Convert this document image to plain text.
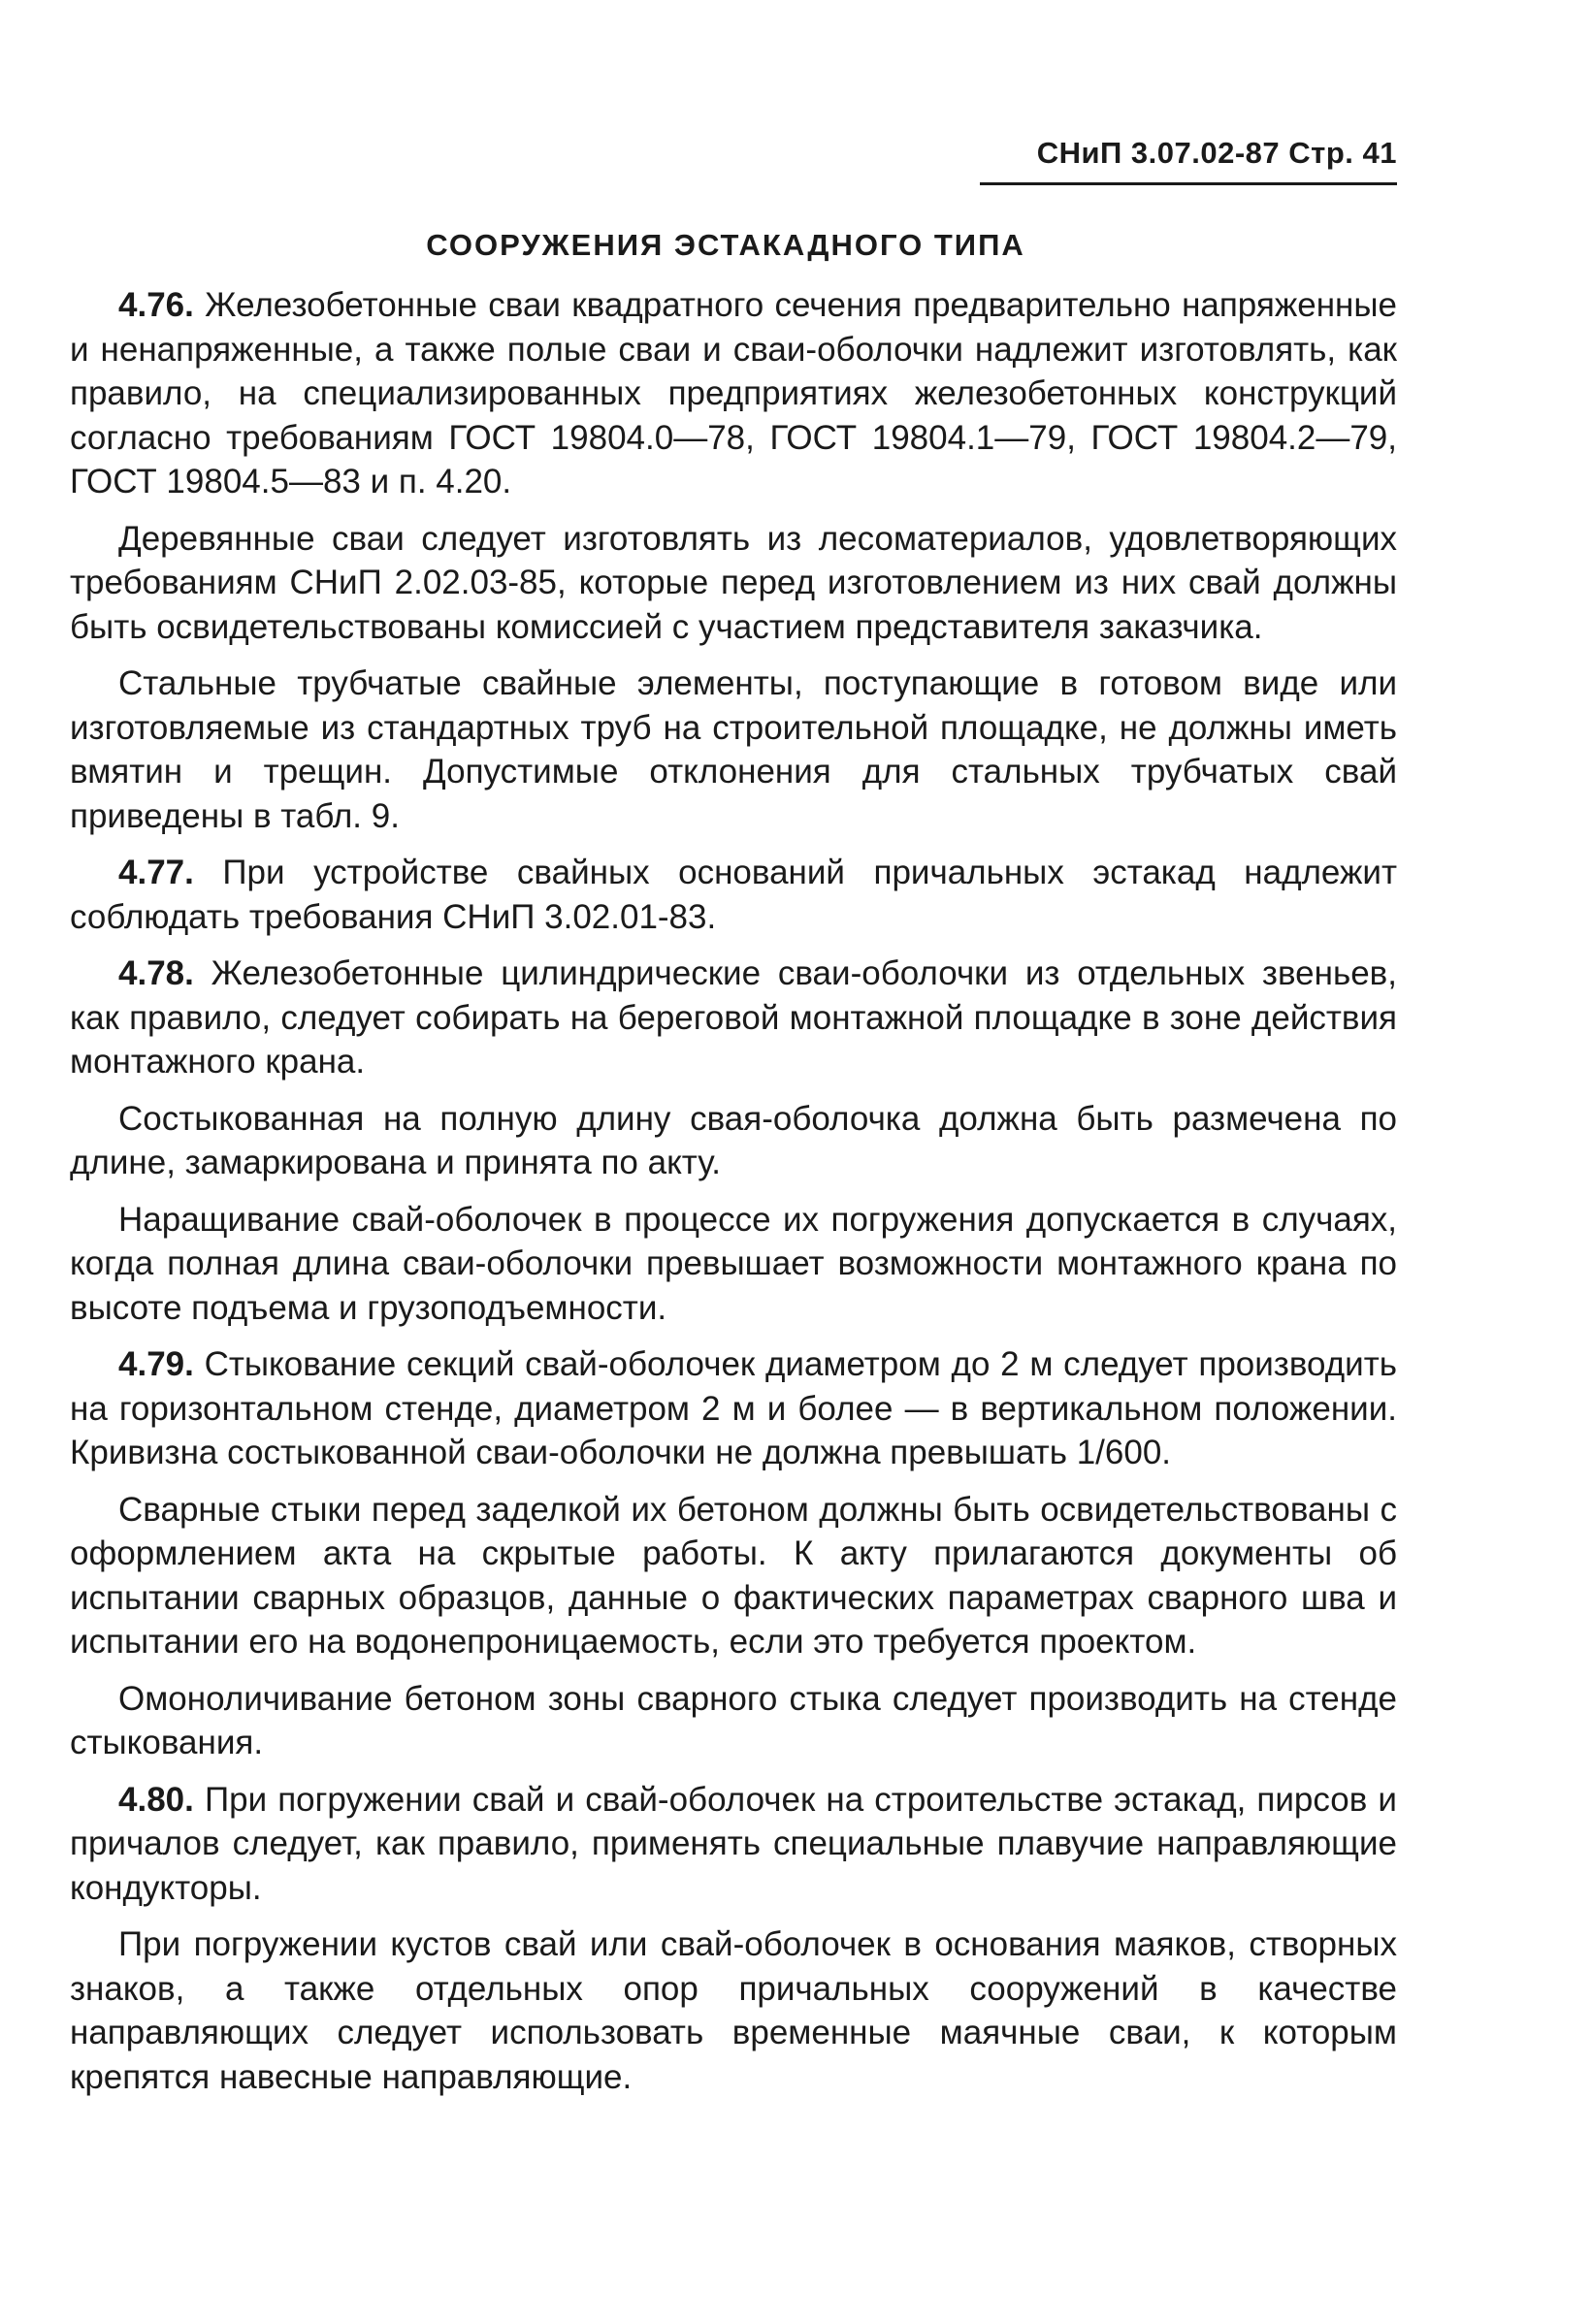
СНиП 3.07.02-87 Стр. 41
СООРУЖЕНИЯ ЭСТАКАДНОГО ТИПА

4.76. Железобетонные сваи квадратного сечения предварительно напряженные и ненапряженные, а также полые сваи и сваи-оболочки надлежит изготовлять, как правило, на специализированных предприятиях железобетонных конструкций согласно требованиям ГОСТ 19804.0—78, ГОСТ 19804.1—79, ГОСТ 19804.2—79, ГОСТ 19804.5—83 и п. 4.20.

Деревянные сваи следует изготовлять из лесоматериалов, удовлетворяющих требованиям СНиП 2.02.03-85, которые перед изготовлением из них свай должны быть освидетельствованы комиссией с участием представителя заказчика.

Стальные трубчатые свайные элементы, поступающие в готовом виде или изготовляемые из стандартных труб на строительной площадке, не должны иметь вмятин и трещин. Допустимые отклонения для стальных трубчатых свай приведены в табл. 9.

4.77. При устройстве свайных оснований причальных эстакад надлежит соблюдать требования СНиП 3.02.01-83.

4.78. Железобетонные цилиндрические сваи-оболочки из отдельных звеньев, как правило, следует собирать на береговой монтажной площадке в зоне действия монтажного крана.

Состыкованная на полную длину свая-оболочка должна быть размечена по длине, замаркирована и принята по акту.

Наращивание свай-оболочек в процессе их погружения допускается в случаях, когда полная длина сваи-оболочки превышает возможности монтажного крана по высоте подъема и грузоподъемности.

4.79. Стыкование секций свай-оболочек диаметром до 2 м следует производить на горизонтальном стенде, диаметром 2 м и более — в вертикальном положении. Кривизна состыкованной сваи-оболочки не должна превышать 1/600.

Сварные стыки перед заделкой их бетоном должны быть освидетельствованы с оформлением акта на скрытые работы. К акту прилагаются документы об испытании сварных образцов, данные о фактических параметрах сварного шва и испытании его на водонепроницаемость, если это требуется проектом.

Омоноличивание бетоном зоны сварного стыка следует производить на стенде стыкования.

4.80. При погружении свай и свай-оболочек на строительстве эстакад, пирсов и причалов следует, как правило, применять специальные плавучие направляющие кондукторы.

При погружении кустов свай или свай-оболочек в основания маяков, створных знаков, а также отдельных опор причальных сооружений в качестве направляющих следует использовать временные маячные сваи, к которым крепятся навесные направляющие.
